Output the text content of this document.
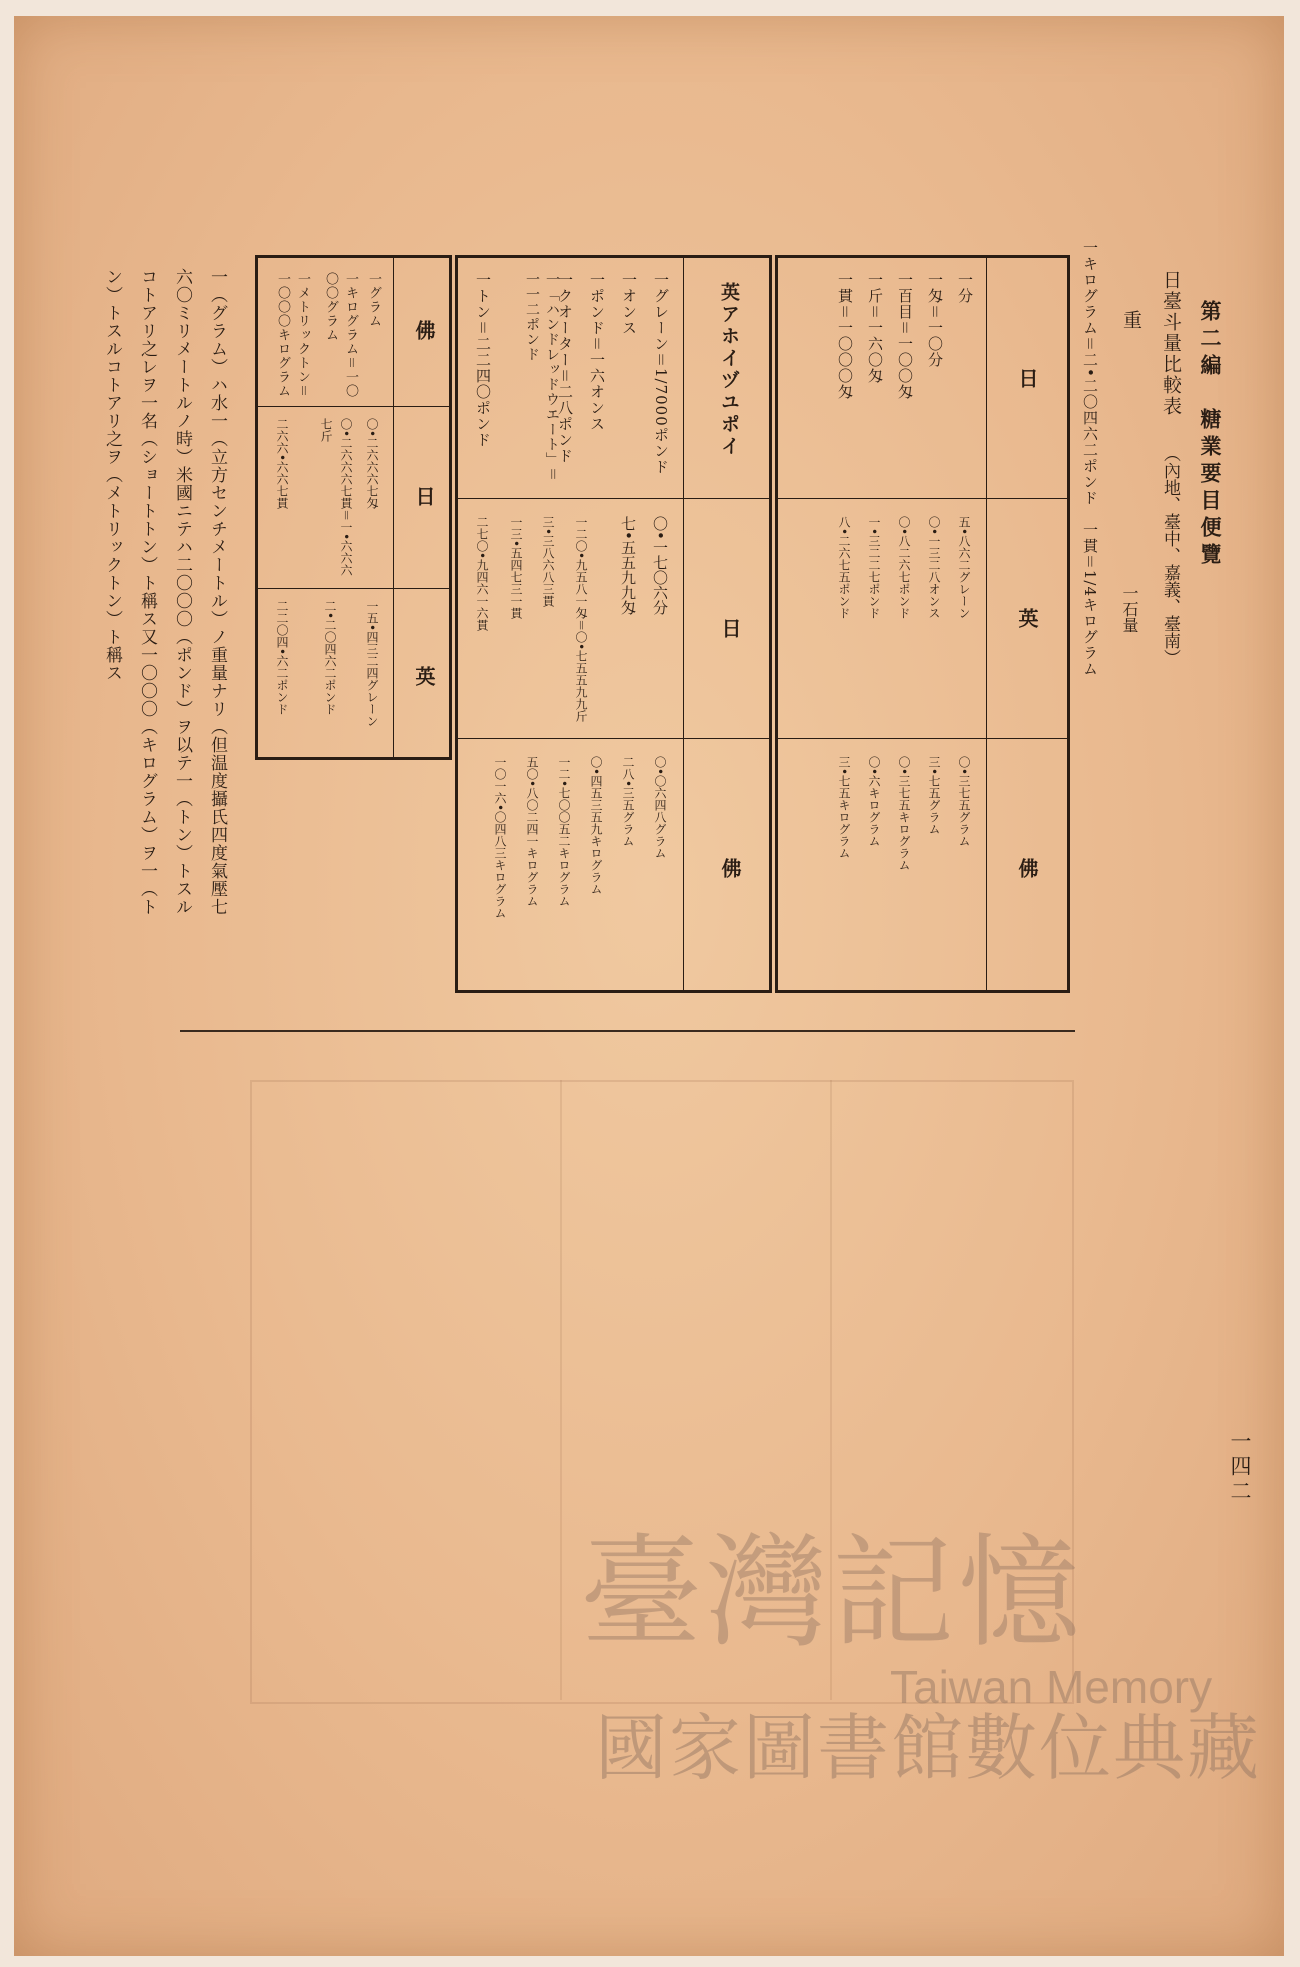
第二編　糖業要目便覽
日臺斗量比較表
（內地、臺中、嘉義、臺南）
重
一石量
一キログラム＝二•二〇四六二ポンド　一貫＝1/4キログラム
日
英
佛
一分
一匁＝一〇分
一百目＝一〇〇匁
一斤＝一六〇匁
一貫＝一〇〇〇匁
五•八六二グレーン
〇•一三二八オンス
〇•八二六七ポンド
一•三二二七ポンド
八•二六七五ポンド
〇•三七五グラム
三•七五グラム
〇•三七五キログラム
〇•六キログラム
三•七五キログラム
英アホイヅユポイ
日
佛
一グレーン＝1/7000ポンド
一オンス
一ポンド＝一六オンス
一クオーター＝二八ポンド
一「ハンドレッドウエート」＝一一二ポンド
一トン＝二二四〇ポンド
〇•一七〇六分
七•五五九九匁
一二〇•九五八一匁＝〇•七五五九九斤
三•三八六八三貫
一三•五四七三一貫
二七〇•九四六一六貫
〇•〇六四八グラム
二八•三五グラム
〇•四五三五九キログラム
一二•七〇〇五二キログラム
五〇•八〇二四一キログラム
一〇一六•〇四八三キログラム
佛
日
英
一グラム
一キログラム＝一〇〇〇グラム
一メトリックトン＝一〇〇〇キログラム
〇•二六六六七匁
〇•二六六六七貫＝一•六六六七斤
二六六•六六七貫
一五•四三二四グレーン
二•二〇四六二ポンド
二二〇四•六二ポンド
一（グラム）ハ水一（立方センチメートル）ノ重量ナリ（但温度攝氏四度氣壓七
六〇ミリメートルノ時）米國ニテハ二〇〇〇（ポンド）ヲ以テ一（トン）トスル
コトアリ之レヲ一名（ショートトン）ト稱ス又一〇〇〇（キログラム）ヲ一（ト
ン）トスルコトアリ之ヲ（メトリックトン）ト稱ス
一四二
臺灣記憶
Taiwan Memory
國家圖書館數位典藏
